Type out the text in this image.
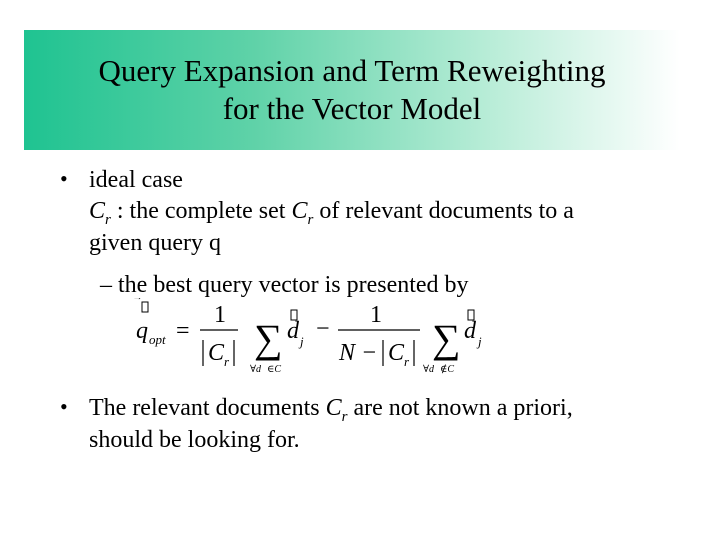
Query Expansion and Term Reweighting
for the Vector Model
• ideal case
$C_r$ : the complete set $C_r$ of relevant documents to a
given query q
– the best query vector is presented by
q opt =
1
C r
∑
∀d ∈C
d j −
1
N − C r
∑
∀d ∉C
d j
• The relevant documents $C_r$ are not known a priori,
should be looking for.
